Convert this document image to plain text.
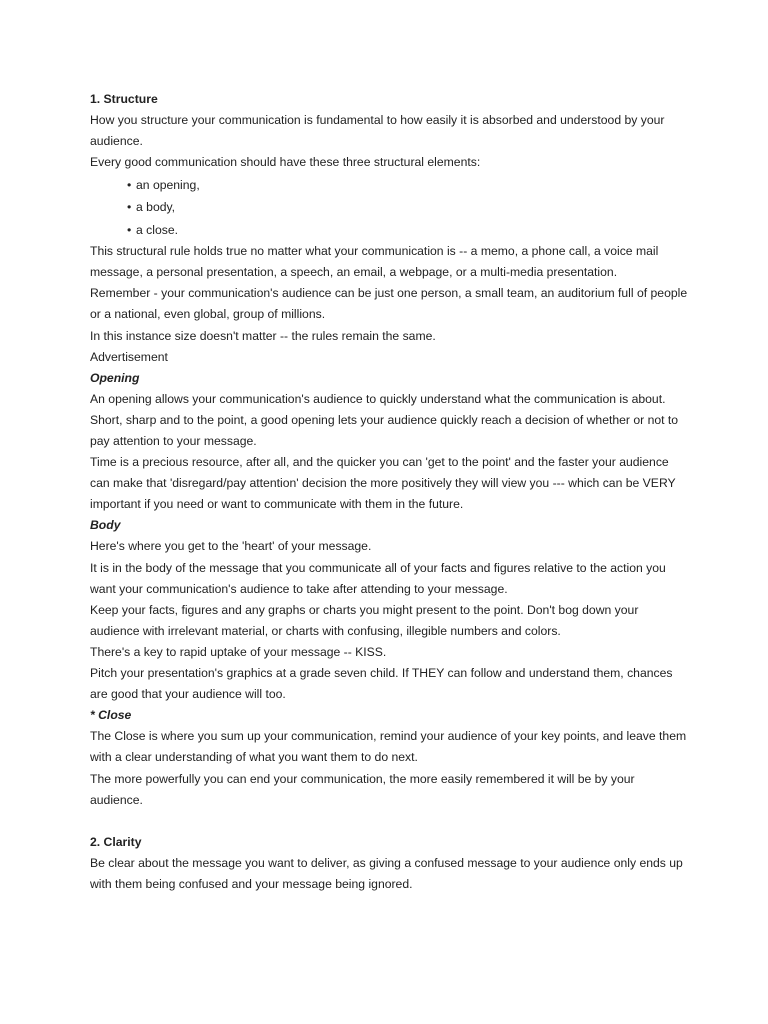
1. Structure
How you structure your communication is fundamental to how easily it is absorbed and understood by your
audience.
Every good communication should have these three structural elements:
• an opening,
• a body,
• a close.
This structural rule holds true no matter what your communication is -- a memo, a phone call, a voice mail
message, a personal presentation, a speech, an email, a webpage, or a multi-media presentation.
Remember - your communication's audience can be just one person, a small team, an auditorium full of people
or a national, even global, group of millions.
In this instance size doesn't matter -- the rules remain the same.
Advertisement
Opening
An opening allows your communication's audience to quickly understand what the communication is about.
Short, sharp and to the point, a good opening lets your audience quickly reach a decision of whether or not to
pay attention to your message.
Time is a precious resource, after all, and the quicker you can 'get to the point' and the faster your audience
can make that 'disregard/pay attention' decision the more positively they will view you --- which can be VERY
important if you need or want to communicate with them in the future.
Body
Here's where you get to the 'heart' of your message.
It is in the body of the message that you communicate all of your facts and figures relative to the action you
want your communication's audience to take after attending to your message.
Keep your facts, figures and any graphs or charts you might present to the point. Don't bog down your
audience with irrelevant material, or charts with confusing, illegible numbers and colors.
There's a key to rapid uptake of your message -- KISS.
Pitch your presentation's graphics at a grade seven child. If THEY can follow and understand them, chances
are good that your audience will too.
* Close
The Close is where you sum up your communication, remind your audience of your key points, and leave them
with a clear understanding of what you want them to do next.
The more powerfully you can end your communication, the more easily remembered it will be by your
audience.
2. Clarity
Be clear about the message you want to deliver, as giving a confused message to your audience only ends up
with them being confused and your message being ignored.
